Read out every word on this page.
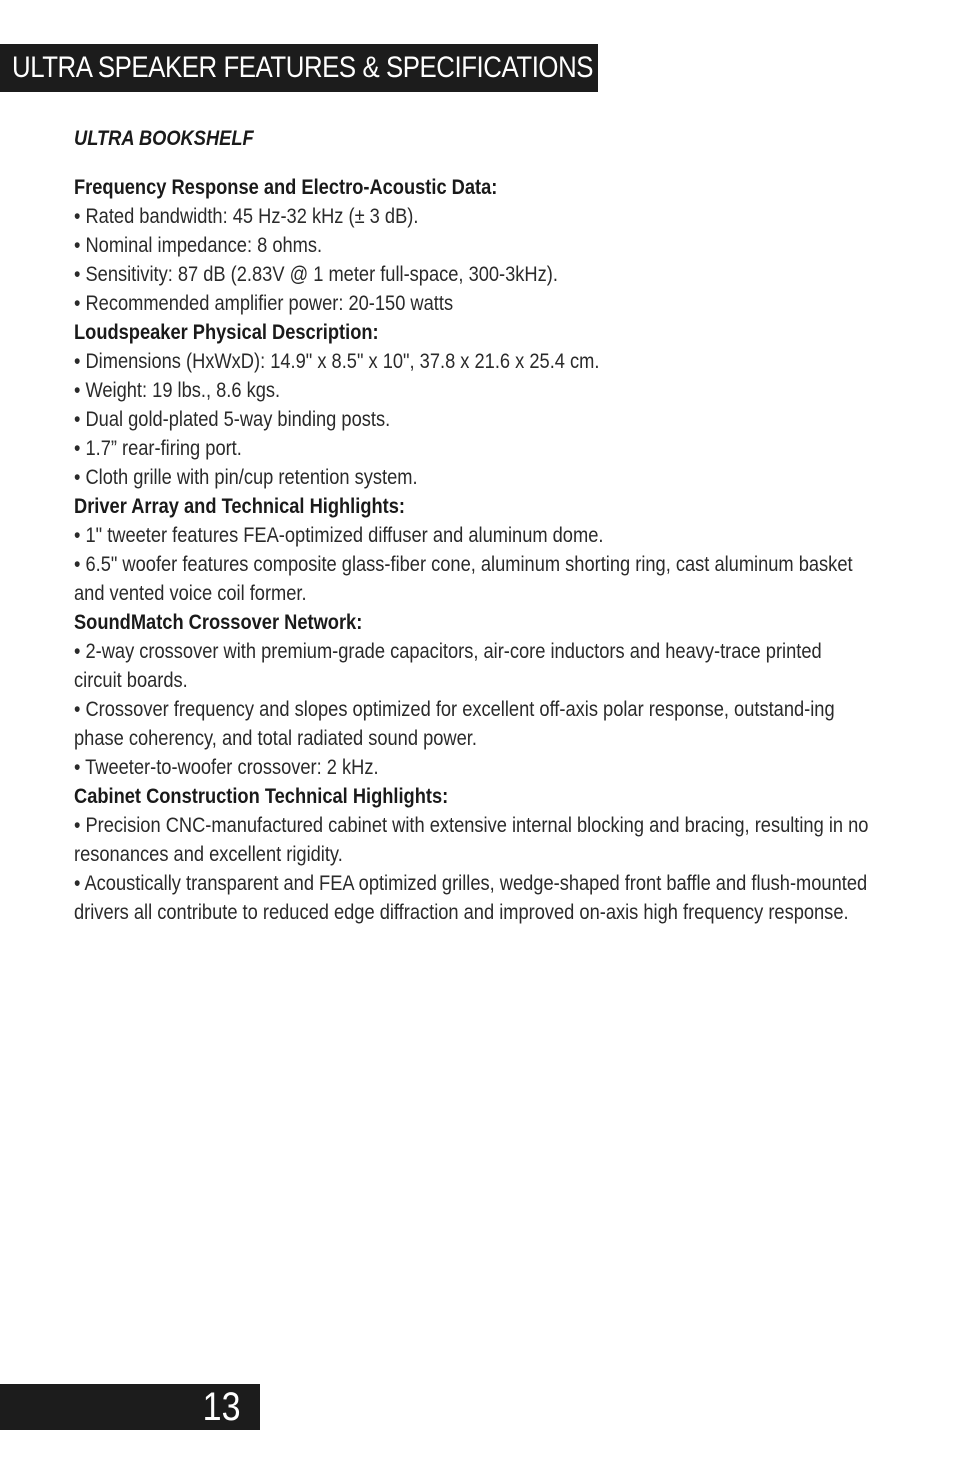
ULTRA SPEAKER FEATURES & SPECIFICATIONS

ULTRA BOOKSHELF

Frequency Response and Electro-Acoustic Data:

• Rated bandwidth: 45 Hz-32 kHz (± 3 dB).

• Nominal impedance: 8 ohms.

• Sensitivity: 87 dB (2.83V @ 1 meter full-space, 300-3kHz).

• Recommended amplifier power: 20-150 watts

Loudspeaker Physical Description:

• Dimensions (HxWxD): 14.9" x 8.5" x 10", 37.8 x 21.6 x 25.4 cm.

• Weight: 19 lbs., 8.6 kgs.

• Dual gold-plated 5-way binding posts.

• 1.7” rear-firing port.

• Cloth grille with pin/cup retention system.

Driver Array and Technical Highlights:

• 1" tweeter features FEA-optimized diffuser and aluminum dome.

• 6.5" woofer features composite glass-fiber cone, aluminum shorting ring, cast aluminum basket and vented voice coil former.

SoundMatch Crossover Network:

• 2-way crossover with premium-grade capacitors, air-core inductors and heavy-trace printed circuit boards.

• Crossover frequency and slopes optimized for excellent off-axis polar response, outstand-ing phase coherency, and total radiated sound power.

• Tweeter-to-woofer crossover: 2 kHz.

Cabinet Construction Technical Highlights:

• Precision CNC-manufactured cabinet with extensive internal blocking and bracing, resulting in no resonances and excellent rigidity.

• Acoustically transparent and FEA optimized grilles, wedge-shaped front baffle and flush-mounted drivers all contribute to reduced edge diffraction and improved on-axis high frequency response.

13
